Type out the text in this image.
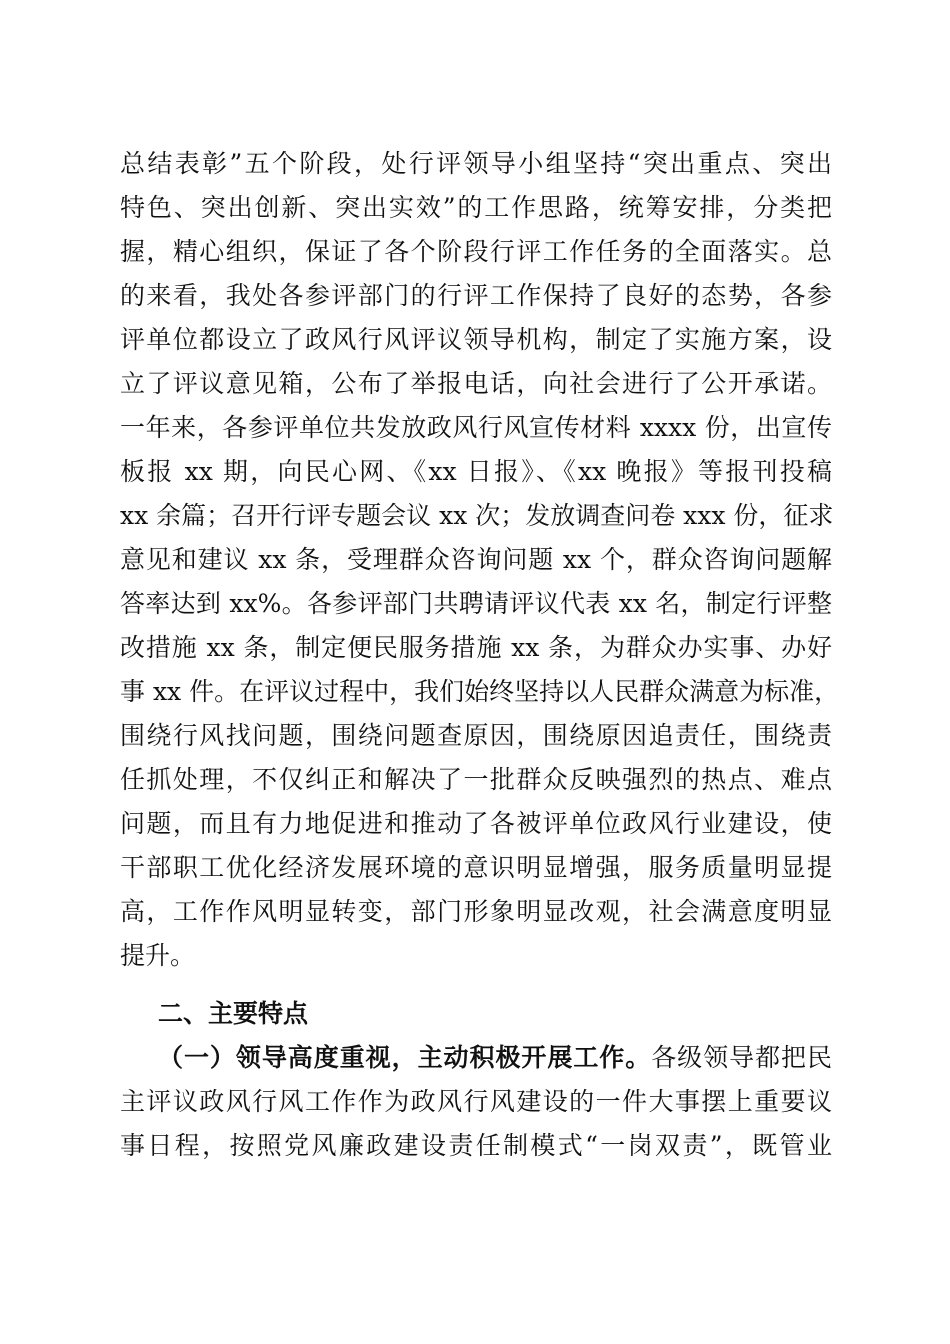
总结表彰”五个阶段，处行评领导小组坚持“突出重点、突出
特色、突出创新、突出实效”的工作思路，统筹安排，分类把
握，精心组织，保证了各个阶段行评工作任务的全面落实。总
的来看，我处各参评部门的行评工作保持了良好的态势，各参
评单位都设立了政风行风评议领导机构，制定了实施方案，设
立了评议意见箱，公布了举报电话，向社会进行了公开承诺。
一年来，各参评单位共发放政风行风宣传材料 xxxx 份，出宣传
板报 xx 期，向民心网、《xx 日报》、《xx 晚报》等报刊投稿
xx 余篇；召开行评专题会议 xx 次；发放调查问卷 xxx 份，征求
意见和建议 xx 条，受理群众咨询问题 xx 个，群众咨询问题解
答率达到 xx%。各参评部门共聘请评议代表 xx 名，制定行评整
改措施 xx 条，制定便民服务措施 xx 条，为群众办实事、办好
事 xx 件。在评议过程中，我们始终坚持以人民群众满意为标准，
围绕行风找问题，围绕问题查原因，围绕原因追责任，围绕责
任抓处理，不仅纠正和解决了一批群众反映强烈的热点、难点
问题，而且有力地促进和推动了各被评单位政风行业建设，使
干部职工优化经济发展环境的意识明显增强，服务质量明显提
高，工作作风明显转变，部门形象明显改观，社会满意度明显
提升。
二、主要特点
（一）领导高度重视，主动积极开展工作。各级领导都把民
主评议政风行风工作作为政风行风建设的一件大事摆上重要议
事日程，按照党风廉政建设责任制模式“一岗双责”，既管业
